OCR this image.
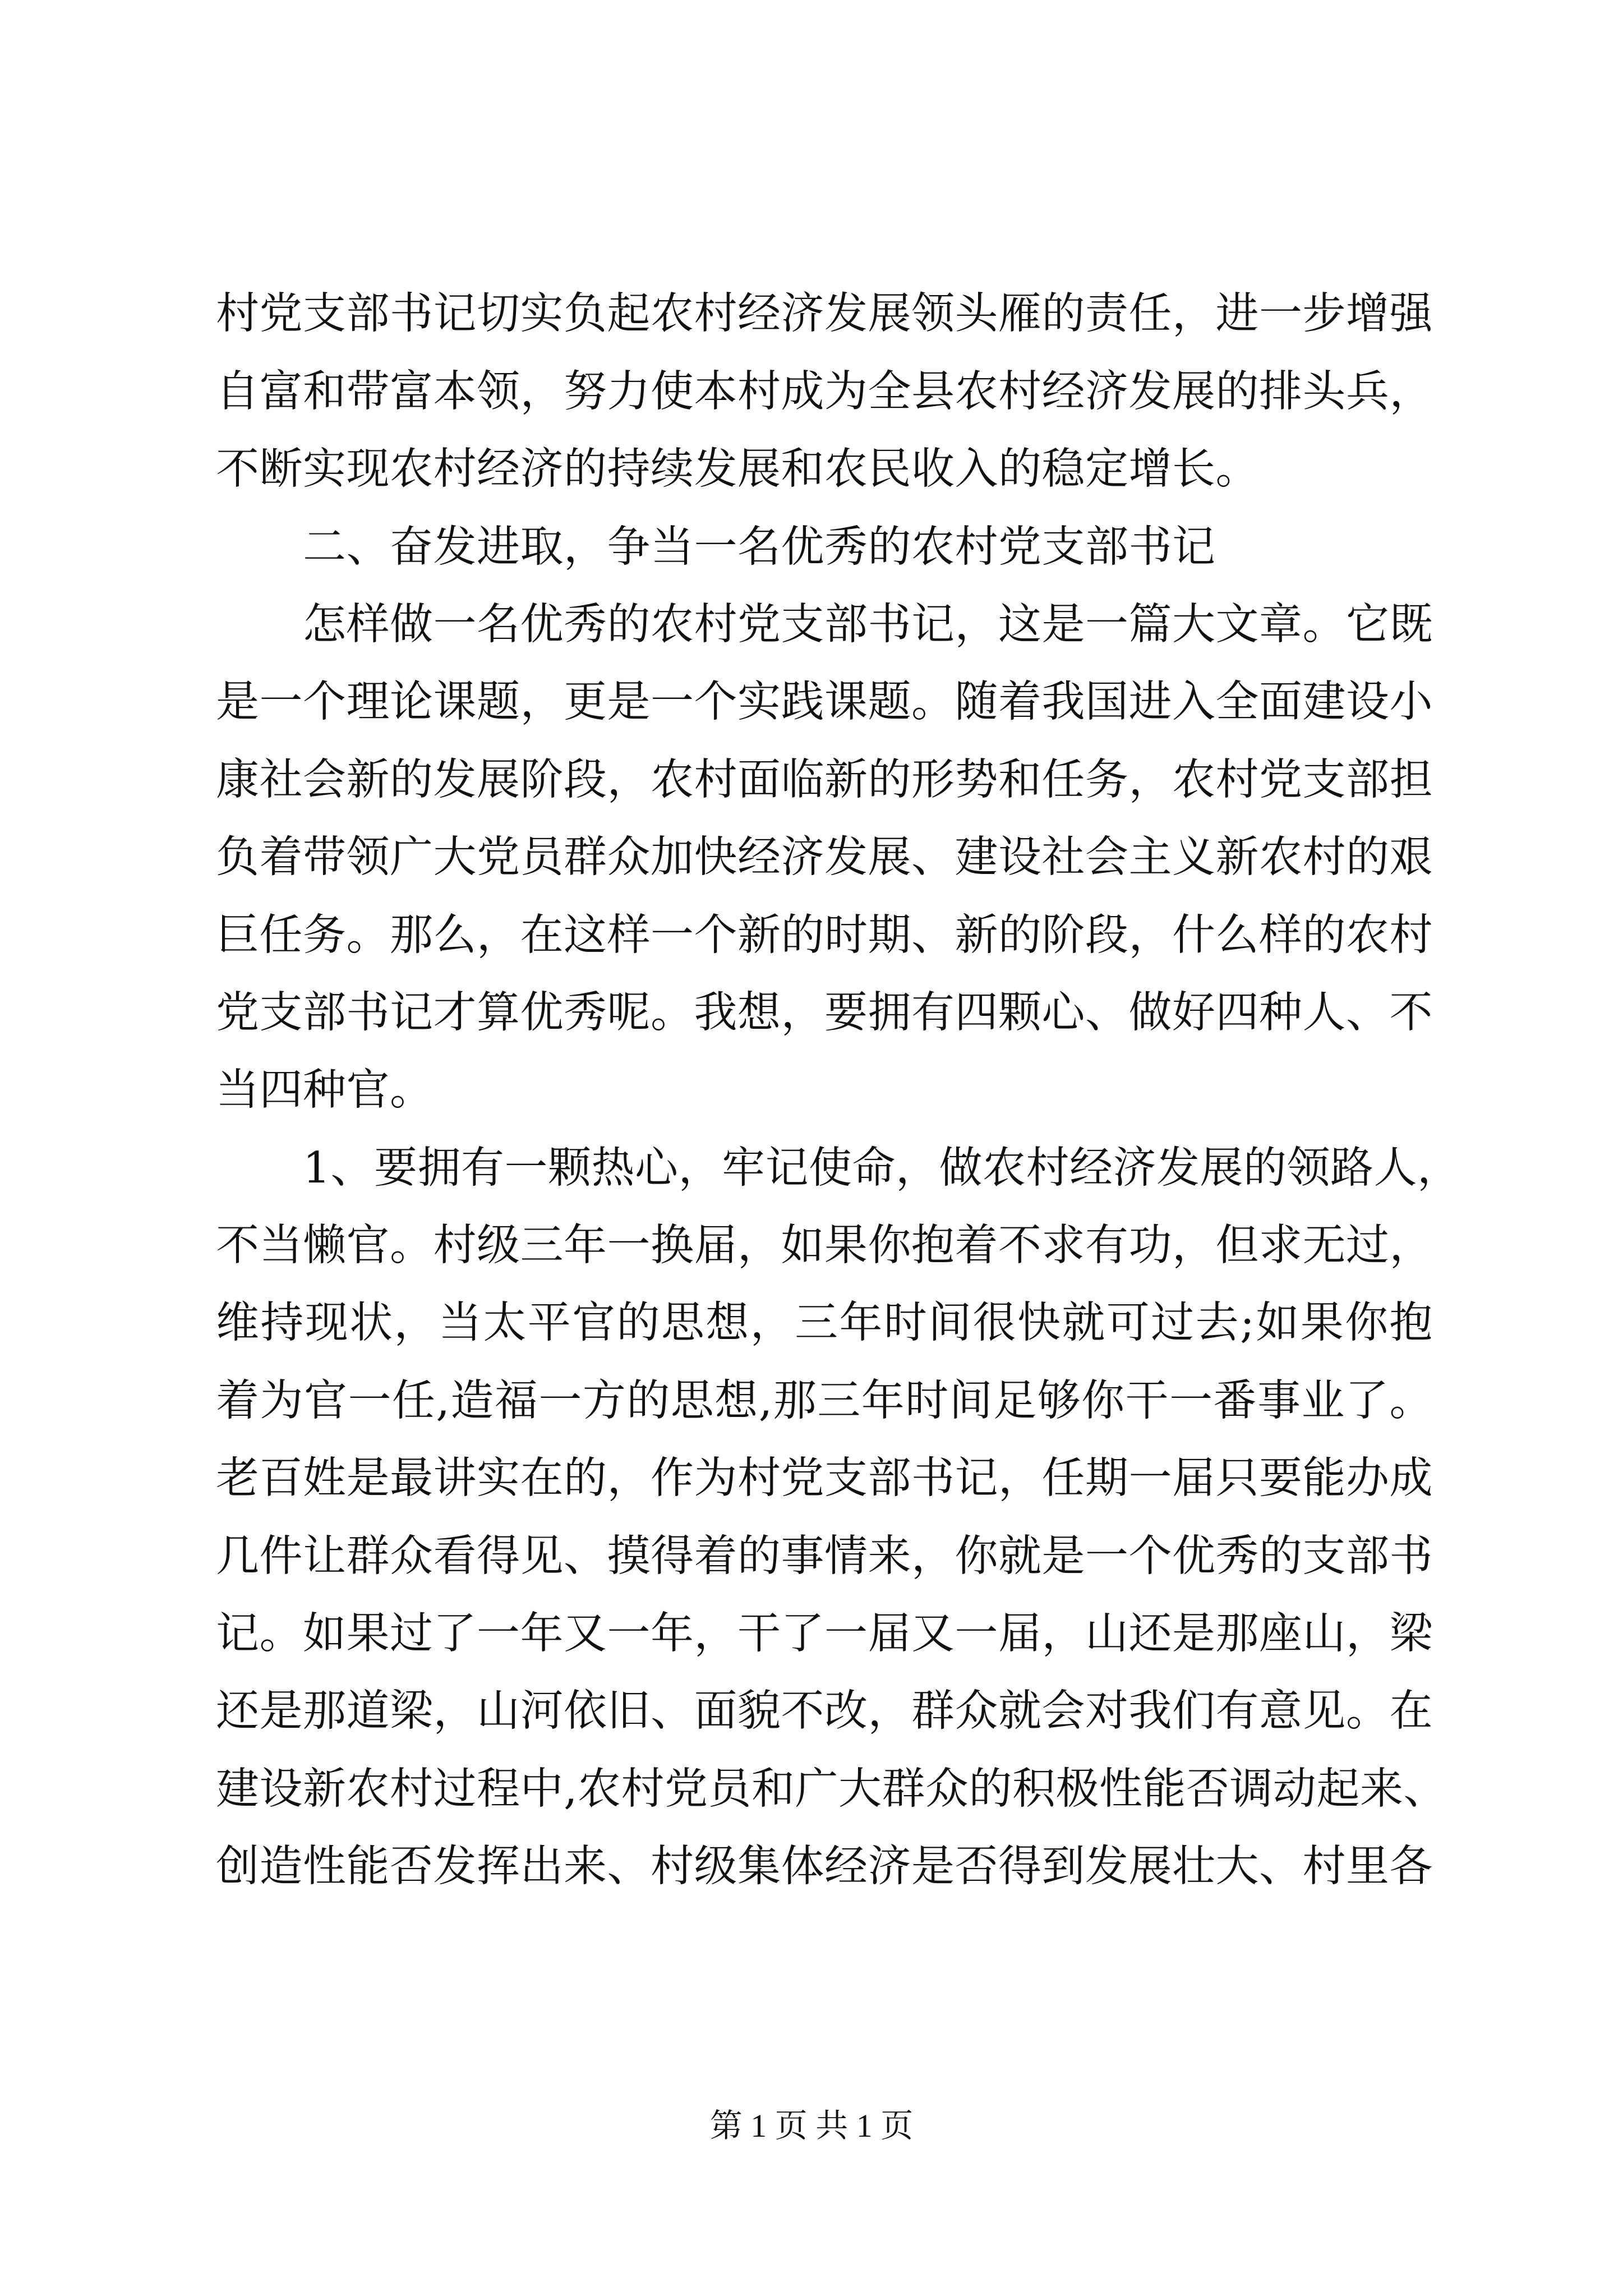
村党支部书记切实负起农村经济发展领头雁的责任，进一步增强
自富和带富本领，努力使本村成为全县农村经济发展的排头兵，
不断实现农村经济的持续发展和农民收入的稳定增长。
二、奋发进取，争当一名优秀的农村党支部书记
怎样做一名优秀的农村党支部书记，这是一篇大文章。它既
是一个理论课题，更是一个实践课题。随着我国进入全面建设小
康社会新的发展阶段，农村面临新的形势和任务，农村党支部担
负着带领广大党员群众加快经济发展、建设社会主义新农村的艰
巨任务。那么，在这样一个新的时期、新的阶段，什么样的农村
党支部书记才算优秀呢。我想，要拥有四颗心、做好四种人、不
当四种官。
1、要拥有一颗热心，牢记使命，做农村经济发展的领路人，
不当懒官。村级三年一换届，如果你抱着不求有功，但求无过，
维持现状，当太平官的思想，三年时间很快就可过去;如果你抱
着为官一任,造福一方的思想,那三年时间足够你干一番事业了。
老百姓是最讲实在的，作为村党支部书记，任期一届只要能办成
几件让群众看得见、摸得着的事情来，你就是一个优秀的支部书
记。如果过了一年又一年，干了一届又一届，山还是那座山，梁
还是那道梁，山河依旧、面貌不改，群众就会对我们有意见。在
建设新农村过程中,农村党员和广大群众的积极性能否调动起来、
创造性能否发挥出来、村级集体经济是否得到发展壮大、村里各
第 1 页 共 1 页
